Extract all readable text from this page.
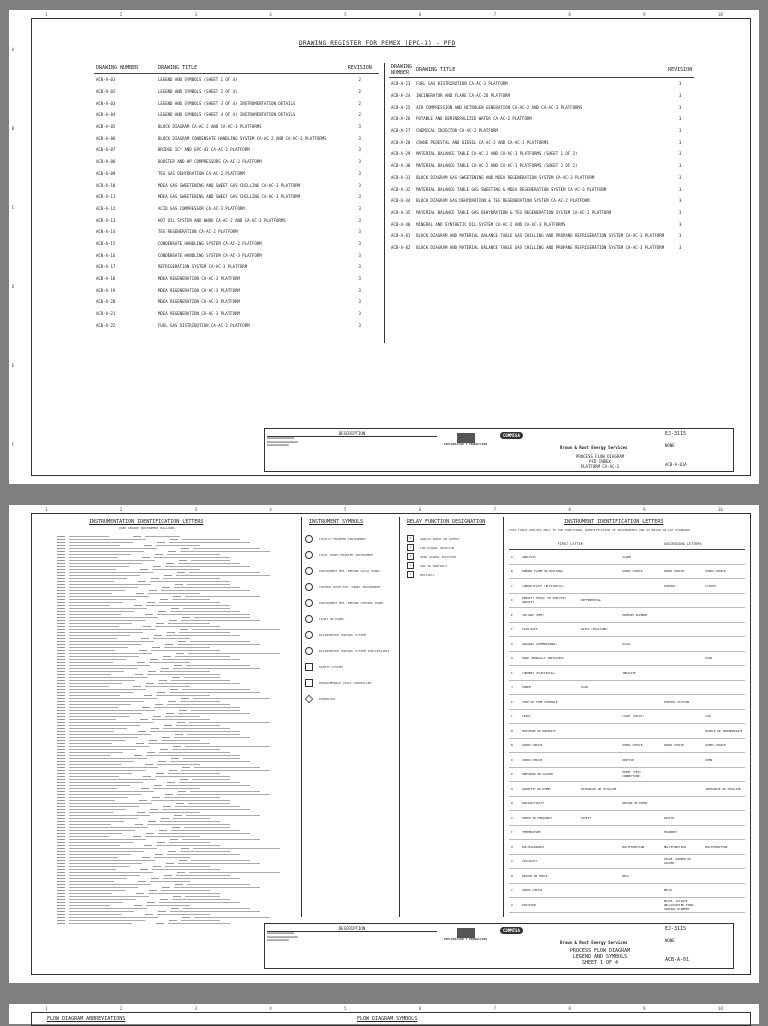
1	2	3	4	5	6	7	8	9	10
A
B
C
D
E
F
DRAWING REGISTER FOR PEMEX (EPC-1) - PFD
DRAWING NUMBER	DRAWING TITLE	REVISION
ACB-A-01	LEGEND AND SYMBOLS (SHEET 1 OF 4)	2
ACB-A-02	LEGEND AND SYMBOLS (SHEET 2 OF 4)	2
ACB-A-03	LEGEND AND SYMBOLS (SHEET 3 OF 4) INSTRUMENTATION DETAILS	2
ACB-A-04	LEGEND AND SYMBOLS (SHEET 4 OF 4) INSTRUMENTATION DETAILS	2
ACB-A-05	BLOCK DIAGRAM CA-AC-2 AND CA-AC-3 PLATFORMS	3
ACB-A-06	BLOCK DIAGRAM CONDENSATE HANDLING SYSTEM CA-AC-2 AND CA-AC-3 PLATFORMS	3
ACB-A-07	BRIDGE IC* AND EPC-43 CA-AC-2 PLATFORM	3
ACB-A-08	BOOSTER AND HP COMPRESSORS CA-AC-2 PLATFORM	3
ACB-A-09	TEG GAS DEHYDRATION CA-AC-2 PLATFORM	3
ACB-A-10	MDEA GAS SWEETENING AND SWEET GAS CHILLING CA-AC-3 PLATFORM	3
ACB-A-11	MDEA GAS SWEETENING AND SWEET GAS CHILLING CA-AC-3 PLATFORM	3
ACB-A-12	ACID GAS COMPRESSOR CA-AC-3 PLATFORM	3
ACB-A-13	HOT OIL SYSTEM AND WHRU CA-AC-2 AND CA-AC-3 PLATFORMS	3
ACB-A-14	TEG REGENERATION CA-AC-2 PLATFORM	3
ACB-A-15	CONDENSATE HANDLING SYSTEM CA-AC-2 PLATFORM	3
ACB-A-16	CONDENSATE HANDLING SYSTEM CA-AC-3 PLATFORM	3
ACB-A-17	REFRIGERATION SYSTEM CA-AC-3 PLATFORM	3
ACB-A-18	MDEA REGENERATION CA-AC-3 PLATFORM	3
ACB-A-19	MDEA REGENERATION CA-AC-3 PLATFORM	3
ACB-A-20	MDEA REGENERATION CA-AC-3 PLATFORM	3
ACB-A-21	MDEA REGENERATION CA-AC-3 PLATFORM	3
ACB-A-22	FUEL GAS DISTRIBUTION CA-AC-2 PLATFORM	3
DRAWING NUMBER	DRAWING TITLE	REVISION
ACB-A-23	FUEL GAS DISTRIBUTION CA-AC-3 PLATFORM	3
ACB-A-24	INCINERATOR AND FLARE CA-AC-2D PLATFORM	3
ACB-A-25	AIR COMPRESSION AND NITROGEN GENERATION CA-AC-2 AND CA-AC-3 PLATFORMS	3
ACB-A-26	POTABLE AND DEMINERALIZED WATER CA-AC-2 PLATFORM	3
ACB-A-27	CHEMICAL INJECTOR CA-AC-2 PLATFORM	3
ACB-A-28	CRANE PEDESTAL AND DIESEL CA-AC-2 AND CA-AC-3 PLATFORMS	3
ACB-A-29	MATERIAL BALANCE TABLE CA-AC-2 AND CA-AC-3 PLATFORMS (SHEET 1 OF 2)	3
ACB-A-30	MATERIAL BALANCE TABLE CA-AC-2 AND CA-AC-3 PLATFORMS (SHEET 2 OF 2)	3
ACB-A-31	BLOCK DIAGRAM GAS SWEETENING AND MDEA REGENERATION SYSTEM CA-AC-3 PLATFORM	3
ACB-A-32	MATERIAL BALANCE TABLE GAS SWEETING & MDEA REGENERATION SYSTEM CA-AC-3 PLATFORM	3
ACB-A-34	BLOCK DIAGRAM GAS DEHYDRATION & TEG REGENERATION SYSTEM CA-AC-2 PLATFORM	3
ACB-A-35	MATERIAL BALANCE TABLE GAS DEHYDRATION & TEG REGENERATION SYSTEM CA-AC-2 PLATFORM	3
ACB-A-40	MINERAL AND SYNTHETIC OIL SYSTEM CA-AC-2 AND CA-AC-3 PLATFORMS	3
ACB-A-81	BLOCK DIAGRAM AND MATERIAL BALANCE TABLE GAS CHILLING AND PROPANE REFRIGERATION SYSTEM CA-AC-3 PLATFORM	3
ACB-A-82	BLOCK DIAGRAM AND MATERIAL BALANCE TABLE GAS CHILLING AND PROPANE REFRIGERATION SYSTEM CA-AC-3 PLATFORM	3
DESCRIPTION
▬▬▬▬▬▬▬▬▬▬▬▬▬▬▬
▬▬▬▬▬▬▬▬▬▬▬▬▬▬▬▬▬
▬▬▬▬▬▬▬▬▬▬▬▬	EXPLORACION Y PRODUCCION
COMMISA
Brown & Root Energy Services
PROCESS FLOW DIAGRAM
PFD INDEX
PLATFORM CA-AC-2
EJ-3115
NONE
ACB-A-01A
1	2	3	4	5	6	7	8	9	10
INSTRUMENTATION IDENTIFICATION LETTERS
USED INSIDE INSTRUMENT BALLOONS
INSTRUMENT SYMBOLS
LOCALLY MOUNTED INSTRUMENT
LOCAL PANEL MOUNTED INSTRUMENT
INSTRUMENT MTD. BEHIND LOCAL PANEL
CONTROL ROOM MTD. PANEL INSTRUMENT
INSTRUMENT MTD. BEHIND CONTROL PANEL
LIGHT ON PANEL
DISTRIBUTED CONTROL SYSTEM
DISTRIBUTED CONTROL SYSTEM INACCESSIBLE
SAFETY SYSTEM
PROGRAMMABLE LOGIC CONTROLLER
INTERLOCK
RELAY FUNCTION DESIGNATION
X	ANALOG INPUT OR OUTPUT
Y	LOW SIGNAL SELECTOR
Z	HIGH SIGNAL SELECTOR
+	ADD OR SUBTRACT
x	MULTIPLY
INSTRUMENT IDENTIFICATION LETTERS
THIS TABLE APPLIES ONLY TO THE FUNCTIONAL IDENTIFICATION OF INSTRUMENTS AND AS BASED ON ISA STANDARD
	FIRST LETTER		SUCCEEDING LETTERS		
A	ANALYSIS		ALARM		
B	BURNER FLAME OR BUILDING		USERS CHOICE	USERS CHOICE	USERS CHOICE
C	CONDUCTIVITY (ELECTRICAL)			CONTROL	CLOSED
D	DENSITY (MASS) OR SPECIFIC GRAVITY	DIFFERENTIAL			
E	VOLTAGE (EMF)		PRIMARY ELEMENT		
F	FLOW RATE	RATIO (FRACTION)			
G	GAUGING (DIMENSIONAL)		GLASS		
H	HAND (MANUALLY INITIATED)				HIGH
I	CURRENT (ELECTRICAL)		INDICATE		
J	POWER	SCAN			
K	TIME OR TIME SCHEDULE			CONTROL STATION	
L	LEVEL		LIGHT (PILOT)		LOW
M	MOISTURE OR HUMIDITY				MIDDLE OR INTERMEDIATE
N	USERS CHOICE		USERS CHOICE	USERS CHOICE	USERS CHOICE
O	USERS CHOICE		ORIFICE		OPEN
P	PRESSURE OR VACUUM		POINT (TEST CONNECTION)		
Q	QUANTITY OR EVENT	INTEGRATE OR TOTALIZE			INTEGRATE OR TOTALIZE
R	RADIOACTIVITY		RECORD OR PRINT		
S	SPEED OR FREQUENCY	SAFETY		SWITCH	
T	TEMPERATURE			TRANSMIT	
U	MULTIVARIABLE		MULTIFUNCTION	MULTIFUNCTION	MULTIFUNCTION
V	VISCOSITY			VALVE, DAMPER OR LOUVER	
W	WEIGHT OR FORCE		WELL		
Y	USERS CHOICE			RELAY	
Z	POSITION			DRIVE, ACTUATE UNCLASSIFIED FINAL CONTROL ELEMENT	
DESCRIPTION
▬▬▬▬▬▬▬▬▬▬▬▬▬▬▬
▬▬▬▬▬▬▬▬▬▬▬▬▬▬▬▬▬
▬▬▬▬▬▬▬▬▬▬▬▬	EXPLORACION Y PRODUCCION
COMMISA
Brown & Root Energy Services
PROCESS FLOW DIAGRAM
LEGEND AND SYMBOLS
SHEET 1 OF 4
EJ-3115
NONE
ACB-A-01
1	2	3	4	5	6	7	8	9	10
FLOW DIAGRAM ABBREVIATIONS	FLOW DIAGRAM SYMBOLS
